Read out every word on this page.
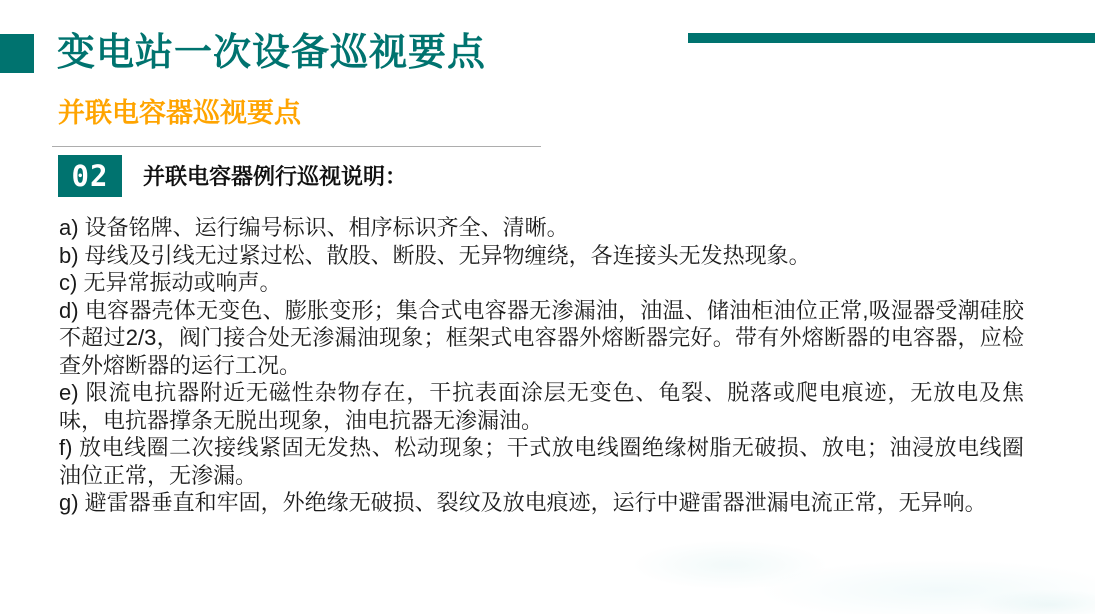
变电站一次设备巡视要点
并联电容器巡视要点
02	并联电容器例行巡视说明：

a) 设备铭牌、运行编号标识、相序标识齐全、清晰。

b) 母线及引线无过紧过松、散股、断股、无异物缠绕，各连接头无发热现象。

c) 无异常振动或响声。

d) 电容器壳体无变色、膨胀变形；集合式电容器无渗漏油，油温、储油柜油位正常,吸湿器受潮硅胶不超过2/3，阀门接合处无渗漏油现象；框架式电容器外熔断器完好。带有外熔断器的电容器，应检查外熔断器的运行工况。

e) 限流电抗器附近无磁性杂物存在，干抗表面涂层无变色、龟裂、脱落或爬电痕迹，无放电及焦味，电抗器撑条无脱出现象，油电抗器无渗漏油。

f) 放电线圈二次接线紧固无发热、松动现象；干式放电线圈绝缘树脂无破损、放电；油浸放电线圈油位正常，无渗漏。

g) 避雷器垂直和牢固，外绝缘无破损、裂纹及放电痕迹，运行中避雷器泄漏电流正常，无异响。
